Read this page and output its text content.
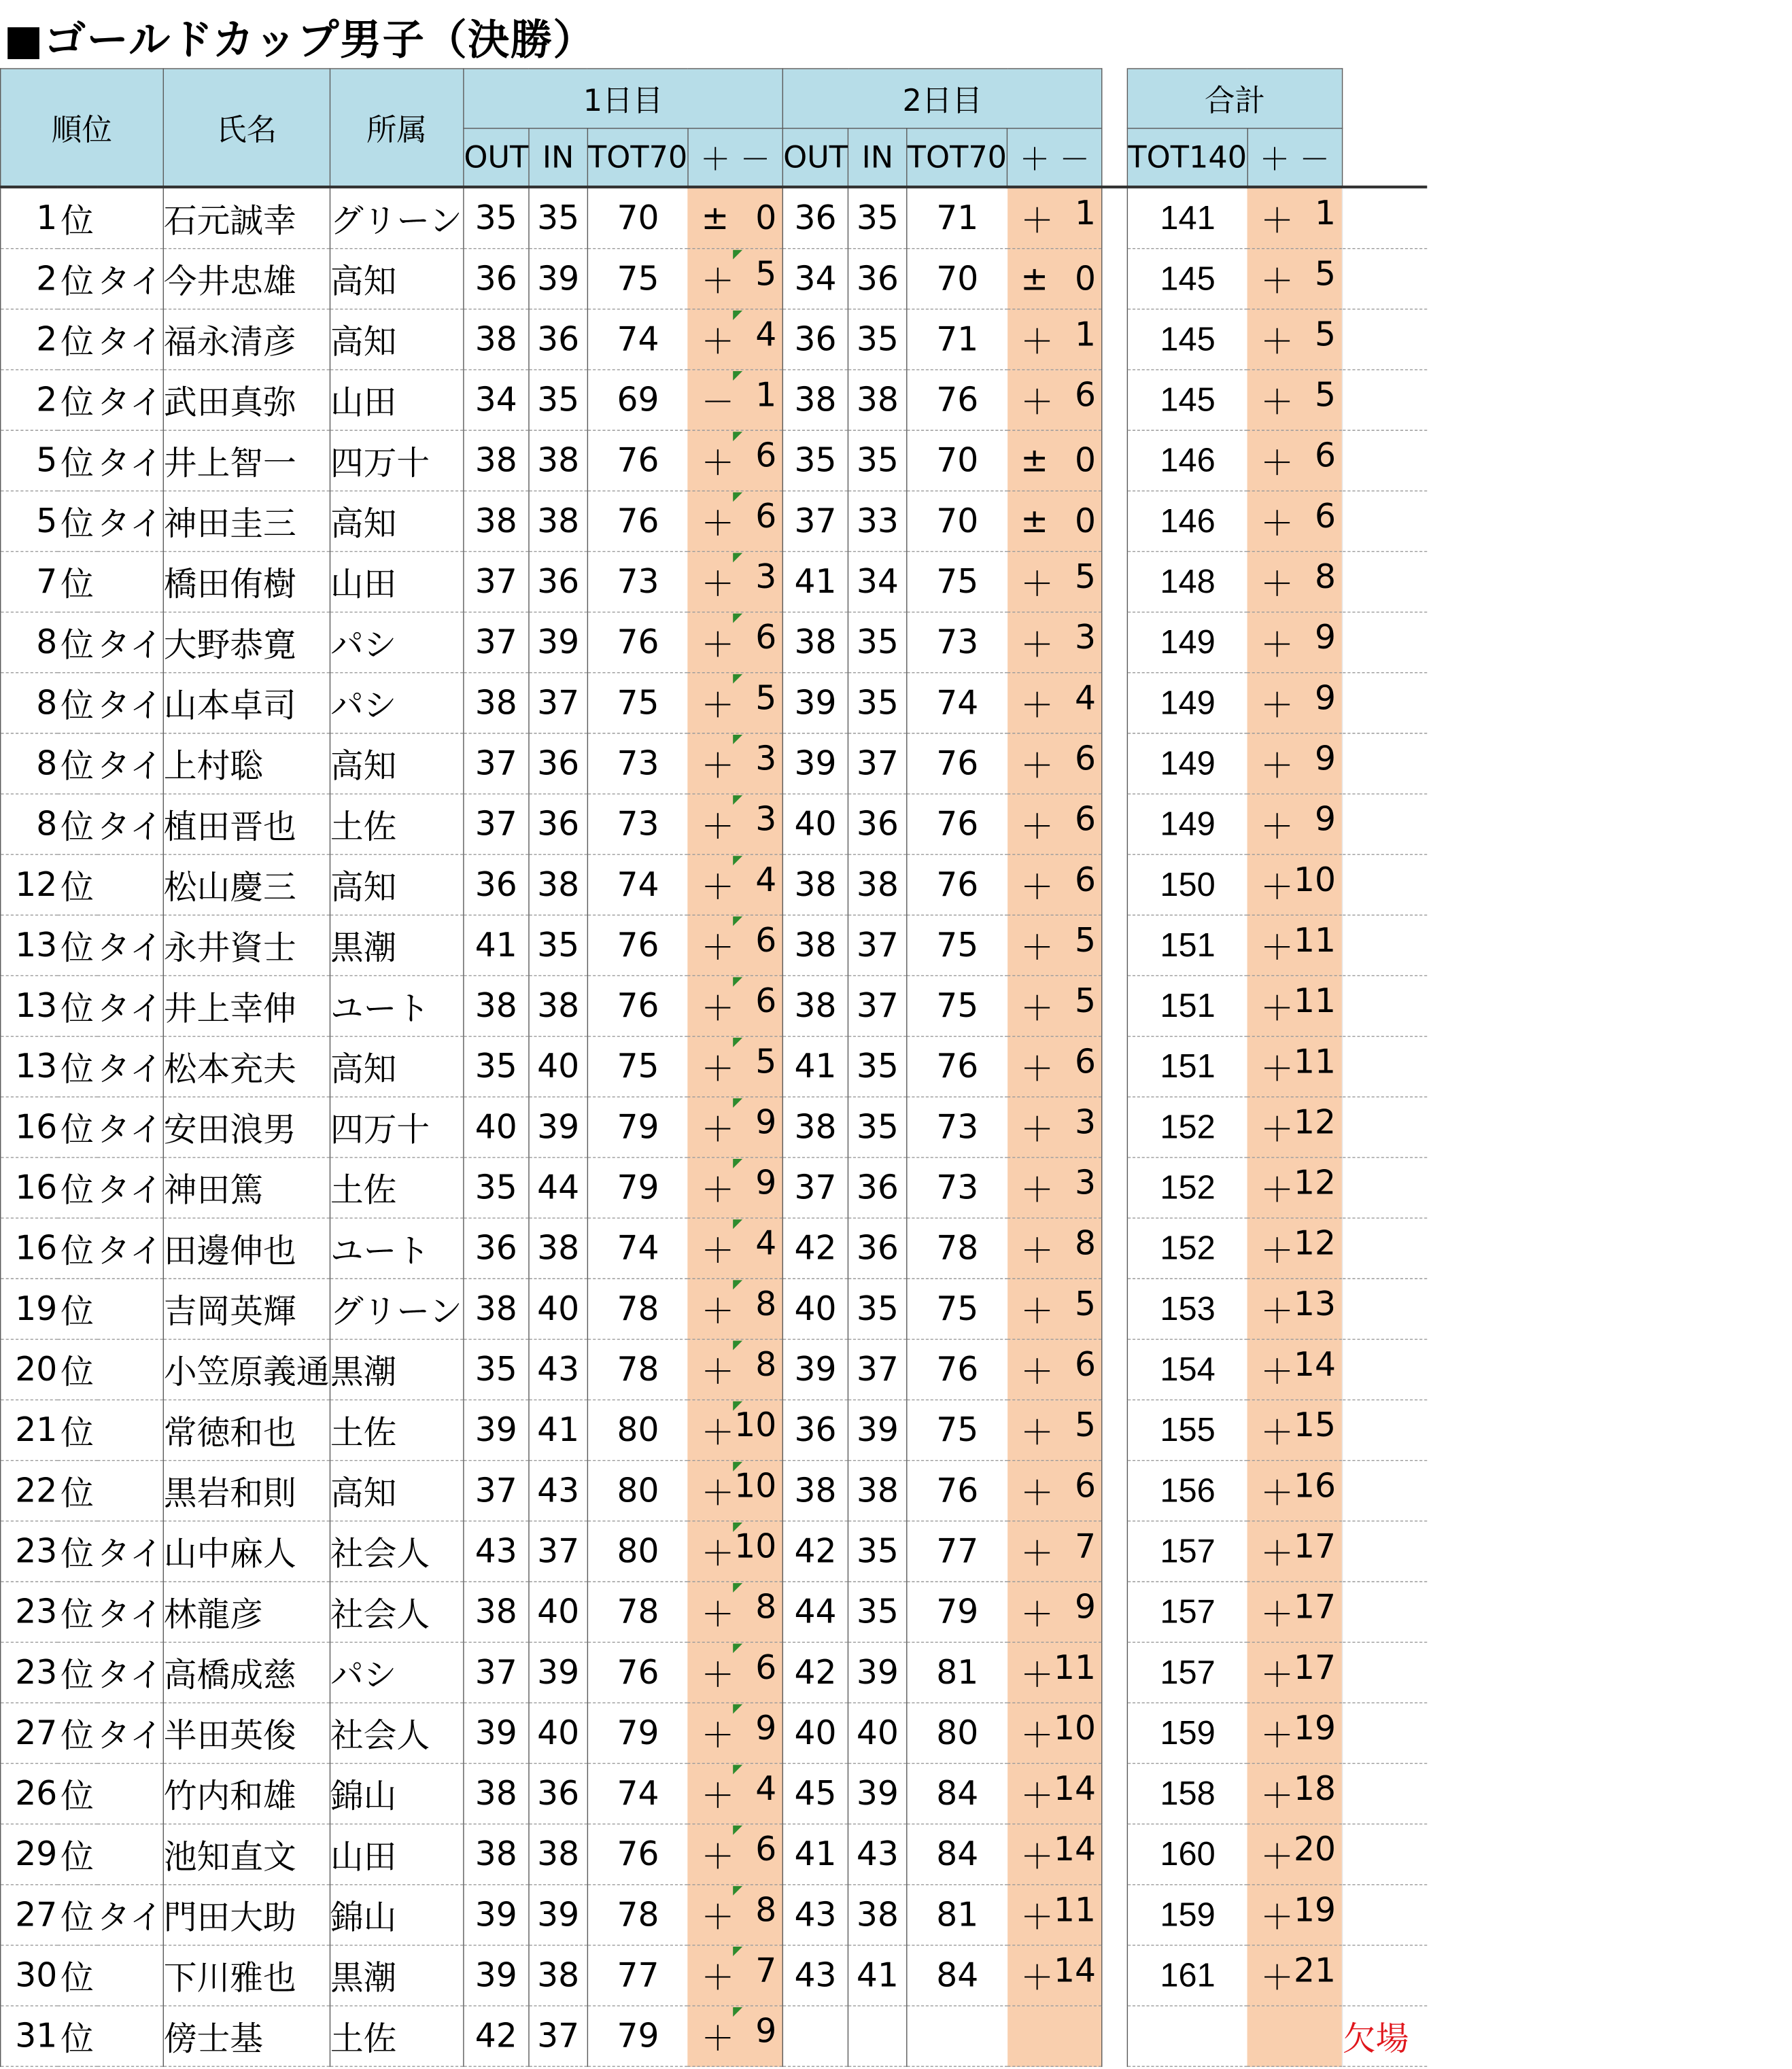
■ゴールドカップ男子（決勝）
順位			氏名	所属	1日目				2日目					合計		
					OUT	IN	TOT70	＋ －	OUT	IN	TOT70	＋ －		TOT140	＋ －	
1	位		石元誠幸	グリーン	35	35	70	± 0	36	35	71	＋ 1		141	＋ 1	

2	位	タイ	今井忠雄	高知	36	39	75	＋ 5	34	36	70	± 0		145	＋ 5	

2	位	タイ	福永清彦	高知	38	36	74	＋ 4	36	35	71	＋ 1		145	＋ 5	

2	位	タイ	武田真弥	山田	34	35	69	－ 1	38	38	76	＋ 6		145	＋ 5	

5	位	タイ	井上智一	四万十	38	38	76	＋ 6	35	35	70	± 0		146	＋ 6	

5	位	タイ	神田圭三	高知	38	38	76	＋ 6	37	33	70	± 0		146	＋ 6	

7	位		橋田侑樹	山田	37	36	73	＋ 3	41	34	75	＋ 5		148	＋ 8	

8	位	タイ	大野恭寛	パシ	37	39	76	＋ 6	38	35	73	＋ 3		149	＋ 9	

8	位	タイ	山本卓司	パシ	38	37	75	＋ 5	39	35	74	＋ 4		149	＋ 9	

8	位	タイ	上村聡	高知	37	36	73	＋ 3	39	37	76	＋ 6		149	＋ 9	

8	位	タイ	植田晋也	土佐	37	36	73	＋ 3	40	36	76	＋ 6		149	＋ 9	

12	位		松山慶三	高知	36	38	74	＋ 4	38	38	76	＋ 6		150	＋ 10	

13	位	タイ	永井資士	黒潮	41	35	76	＋ 6	38	37	75	＋ 5		151	＋ 11	

13	位	タイ	井上幸伸	ユート	38	38	76	＋ 6	38	37	75	＋ 5		151	＋ 11	

13	位	タイ	松本充夫	高知	35	40	75	＋ 5	41	35	76	＋ 6		151	＋ 11	

16	位	タイ	安田浪男	四万十	40	39	79	＋ 9	38	35	73	＋ 3		152	＋ 12	

16	位	タイ	神田篤	土佐	35	44	79	＋ 9	37	36	73	＋ 3		152	＋ 12	

16	位	タイ	田邊伸也	ユート	36	38	74	＋ 4	42	36	78	＋ 8		152	＋ 12	

19	位		吉岡英輝	グリーン	38	40	78	＋ 8	40	35	75	＋ 5		153	＋ 13	

20	位		小笠原義通	黒潮	35	43	78	＋ 8	39	37	76	＋ 6		154	＋ 14	

21	位		常徳和也	土佐	39	41	80	＋ 10	36	39	75	＋ 5		155	＋ 15	

22	位		黒岩和則	高知	37	43	80	＋ 10	38	38	76	＋ 6		156	＋ 16	

23	位	タイ	山中麻人	社会人	43	37	80	＋ 10	42	35	77	＋ 7		157	＋ 17	

23	位	タイ	林龍彦	社会人	38	40	78	＋ 8	44	35	79	＋ 9		157	＋ 17	

23	位	タイ	高橋成慈	パシ	37	39	76	＋ 6	42	39	81	＋ 11		157	＋ 17	

27	位	タイ	半田英俊	社会人	39	40	79	＋ 9	40	40	80	＋ 10		159	＋ 19	

26	位		竹内和雄	錦山	38	36	74	＋ 4	45	39	84	＋ 14		158	＋ 18	

29	位		池知直文	山田	38	38	76	＋ 6	41	43	84	＋ 14		160	＋ 20	

27	位	タイ	門田大助	錦山	39	39	78	＋ 8	43	38	81	＋ 11		159	＋ 19	

30	位		下川雅也	黒潮	39	38	77	＋ 7	43	41	84	＋ 14		161	＋ 21	

31	位		傍士基	土佐	42	37	79	＋ 9								欠場
